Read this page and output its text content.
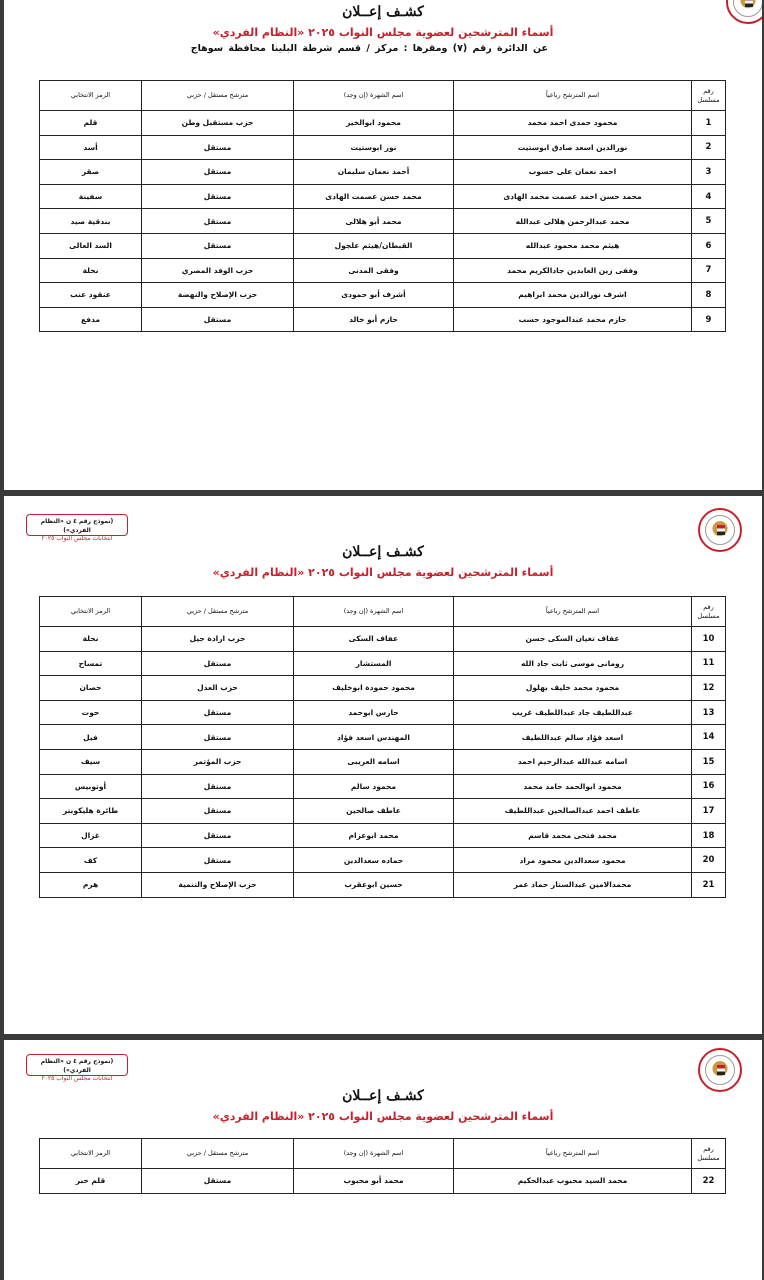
كشـف إعــلان
أسماء المترشحين لعضوية مجلس النواب ٢٠٢٥ «النظام الفردي»
عن الدائرة رقم (٧) ومقرها : مركز / قسم شرطة البلينا محافظة سوهاج
رقم مسلسل	اسم المترشح رباعياً	اسم الشهرة (إن وجد)	مترشح مستقل / حزبي	الرمز الانتخابي
1	محمود حمدى احمد محمد	محمود ابوالخير	حزب مستقبل وطن	قلم
2	نورالدين اسعد صادق ابوستيت	نور ابوستيت	مستقل	أسد
3	احمد نعمان على حسوب	أحمد نعمان سليمان	مستقل	صقر
4	محمد حسن احمد عصمت محمد الهادى	محمد حسن عصمت الهادى	مستقل	سفينة
5	محمد عبدالرحمن هلالى عبدالله	محمد أبو هلالى	مستقل	بندقية صيد
6	هيثم محمد محمود عبدالله	القبطان/هيثم علجول	مستقل	السد العالى
7	وفقى زين العابدين جادالكريم محمد	وفقى المدنى	حزب الوفد المصري	نخلة
8	اشرف نورالدين محمد ابراهيم	أشرف أبو حمودى	حزب الإصلاح والنهضة	عنقود عنب
9	حازم محمد عبدالموجود حسب	حازم أبو خالد	مستقل	مدفع
(نموذج رقم ٤ ن «النظام الفردي»)
انتخابات مجلس النواب ٢٠٢٥
كشـف إعــلان
أسماء المترشحين لعضوية مجلس النواب ٢٠٢٥ «النظام الفردي»
رقم مسلسل	اسم المترشح رباعياً	اسم الشهرة (إن وجد)	مترشح مستقل / حزبي	الرمز الانتخابي
10	عفاف تغيان السكى حسن	عفاف السكى	حزب ارادة جيل	نحلة
11	رومانى موسى ثابت جاد الله	المستشار	مستقل	تمساح
12	محمود محمد خليف بهلول	محمود حمودة ابوخليف	حزب العدل	حصان
13	عبداللطيف جاد عبداللطيف غريب	حارس ابوحمد	مستقل	حوت
14	اسعد فؤاد سالم عبداللطيف	المهندس اسعد فؤاد	مستقل	فيل
15	اسامه عبدالله عبدالرحيم احمد	اسامه العريبى	حزب المؤتمر	سيف
16	محمود ابوالحمد حامد محمد	محمود سالم	مستقل	أوتوبيس
17	عاطف احمد عبدالصالحين عبداللطيف	عاطف صالحين	مستقل	طائرة هليكوبتر
18	محمد فتحى محمد قاسم	محمد ابوعزام	مستقل	غزال
20	محمود سعدالدين محمود مراد	حماده سعدالدين	مستقل	كف
21	محمدالامين عبدالستار حماد عمر	حسين ابوعقرب	حزب الإصلاح والتنمية	هرم
(نموذج رقم ٤ ن «النظام الفردي»)
انتخابات مجلس النواب ٢٠٢٥
كشـف إعــلان
أسماء المترشحين لعضوية مجلس النواب ٢٠٢٥ «النظام الفردي»
رقم مسلسل	اسم المترشح رباعياً	اسم الشهرة (إن وجد)	مترشح مستقل / حزبي	الرمز الانتخابي
22	محمد السيد محبوب عبدالحكيم	محمد أبو محبوب	مستقل	قلم حبر
